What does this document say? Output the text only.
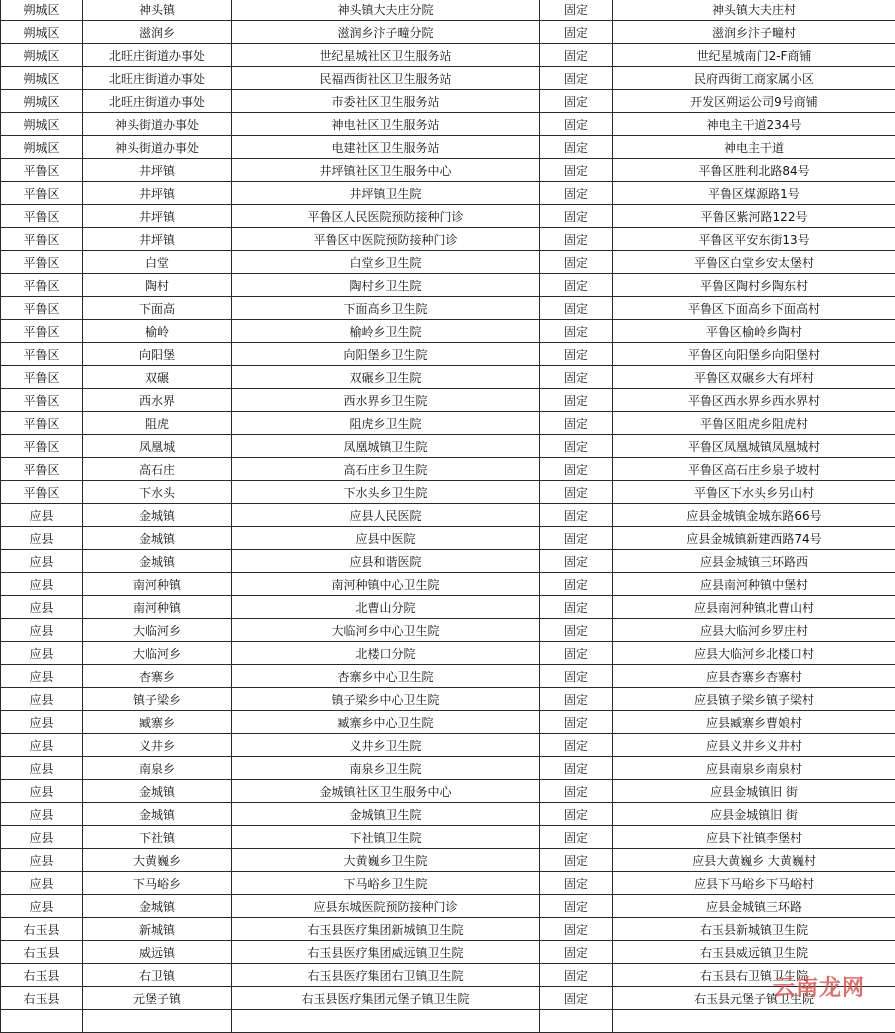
朔城区	神头镇	神头镇大夫庄分院	固定	神头镇大夫庄村
朔城区	滋润乡	滋润乡汴子疃分院	固定	滋润乡汴子疃村
朔城区	北旺庄街道办事处	世纪星城社区卫生服务站	固定	世纪星城南门2-F商铺
朔城区	北旺庄街道办事处	民福西街社区卫生服务站	固定	民府西街工商家属小区
朔城区	北旺庄街道办事处	市委社区卫生服务站	固定	开发区朔运公司9号商铺
朔城区	神头街道办事处	神电社区卫生服务站	固定	神电主干道234号
朔城区	神头街道办事处	电建社区卫生服务站	固定	神电主干道
平鲁区	井坪镇	井坪镇社区卫生服务中心	固定	平鲁区胜利北路84号
平鲁区	井坪镇	井坪镇卫生院	固定	平鲁区煤源路1号
平鲁区	井坪镇	平鲁区人民医院预防接种门诊	固定	平鲁区紫河路122号
平鲁区	井坪镇	平鲁区中医院预防接种门诊	固定	平鲁区平安东街13号
平鲁区	白堂	白堂乡卫生院	固定	平鲁区白堂乡安太堡村
平鲁区	陶村	陶村乡卫生院	固定	平鲁区陶村乡陶东村
平鲁区	下面高	下面高乡卫生院	固定	平鲁区下面高乡下面高村
平鲁区	榆岭	榆岭乡卫生院	固定	平鲁区榆岭乡陶村
平鲁区	向阳堡	向阳堡乡卫生院	固定	平鲁区向阳堡乡向阳堡村
平鲁区	双碾	双碾乡卫生院	固定	平鲁区双碾乡大有坪村
平鲁区	西水界	西水界乡卫生院	固定	平鲁区西水界乡西水界村
平鲁区	阻虎	阻虎乡卫生院	固定	平鲁区阻虎乡阻虎村
平鲁区	凤凰城	凤凰城镇卫生院	固定	平鲁区凤凰城镇凤凰城村
平鲁区	高石庄	高石庄乡卫生院	固定	平鲁区高石庄乡泉子坡村
平鲁区	下水头	下水头乡卫生院	固定	平鲁区下水头乡另山村
应县	金城镇	应县人民医院	固定	应县金城镇金城东路66号
应县	金城镇	应县中医院	固定	应县金城镇新建西路74号
应县	金城镇	应县和谐医院	固定	应县金城镇三环路西
应县	南河种镇	南河种镇中心卫生院	固定	应县南河种镇中堡村
应县	南河种镇	北曹山分院	固定	应县南河种镇北曹山村
应县	大临河乡	大临河乡中心卫生院	固定	应县大临河乡罗庄村
应县	大临河乡	北楼口分院	固定	应县大临河乡北楼口村
应县	杏寨乡	杏寨乡中心卫生院	固定	应县杏寨乡杏寨村
应县	镇子梁乡	镇子梁乡中心卫生院	固定	应县镇子梁乡镇子梁村
应县	臧寨乡	臧寨乡中心卫生院	固定	应县臧寨乡曹娘村
应县	义井乡	义井乡卫生院	固定	应县义井乡义井村
应县	南泉乡	南泉乡卫生院	固定	应县南泉乡南泉村
应县	金城镇	金城镇社区卫生服务中心	固定	应县金城镇旧 街
应县	金城镇	金城镇卫生院	固定	应县金城镇旧 街
应县	下社镇	下社镇卫生院	固定	应县下社镇李堡村
应县	大黄巍乡	大黄巍乡卫生院	固定	应县大黄巍乡 大黄巍村
应县	下马峪乡	下马峪乡卫生院	固定	应县下马峪乡下马峪村
应县	金城镇	应县东城医院预防接种门诊	固定	应县金城镇三环路
右玉县	新城镇	右玉县医疗集团新城镇卫生院	固定	右玉县新城镇卫生院
右玉县	威远镇	右玉县医疗集团威远镇卫生院	固定	右玉县威远镇卫生院
右玉县	右卫镇	右玉县医疗集团右卫镇卫生院	固定	右玉县右卫镇卫生院
右玉县	元堡子镇	右玉县医疗集团元堡子镇卫生院	固定	右玉县元堡子镇卫生院

云南龙网
